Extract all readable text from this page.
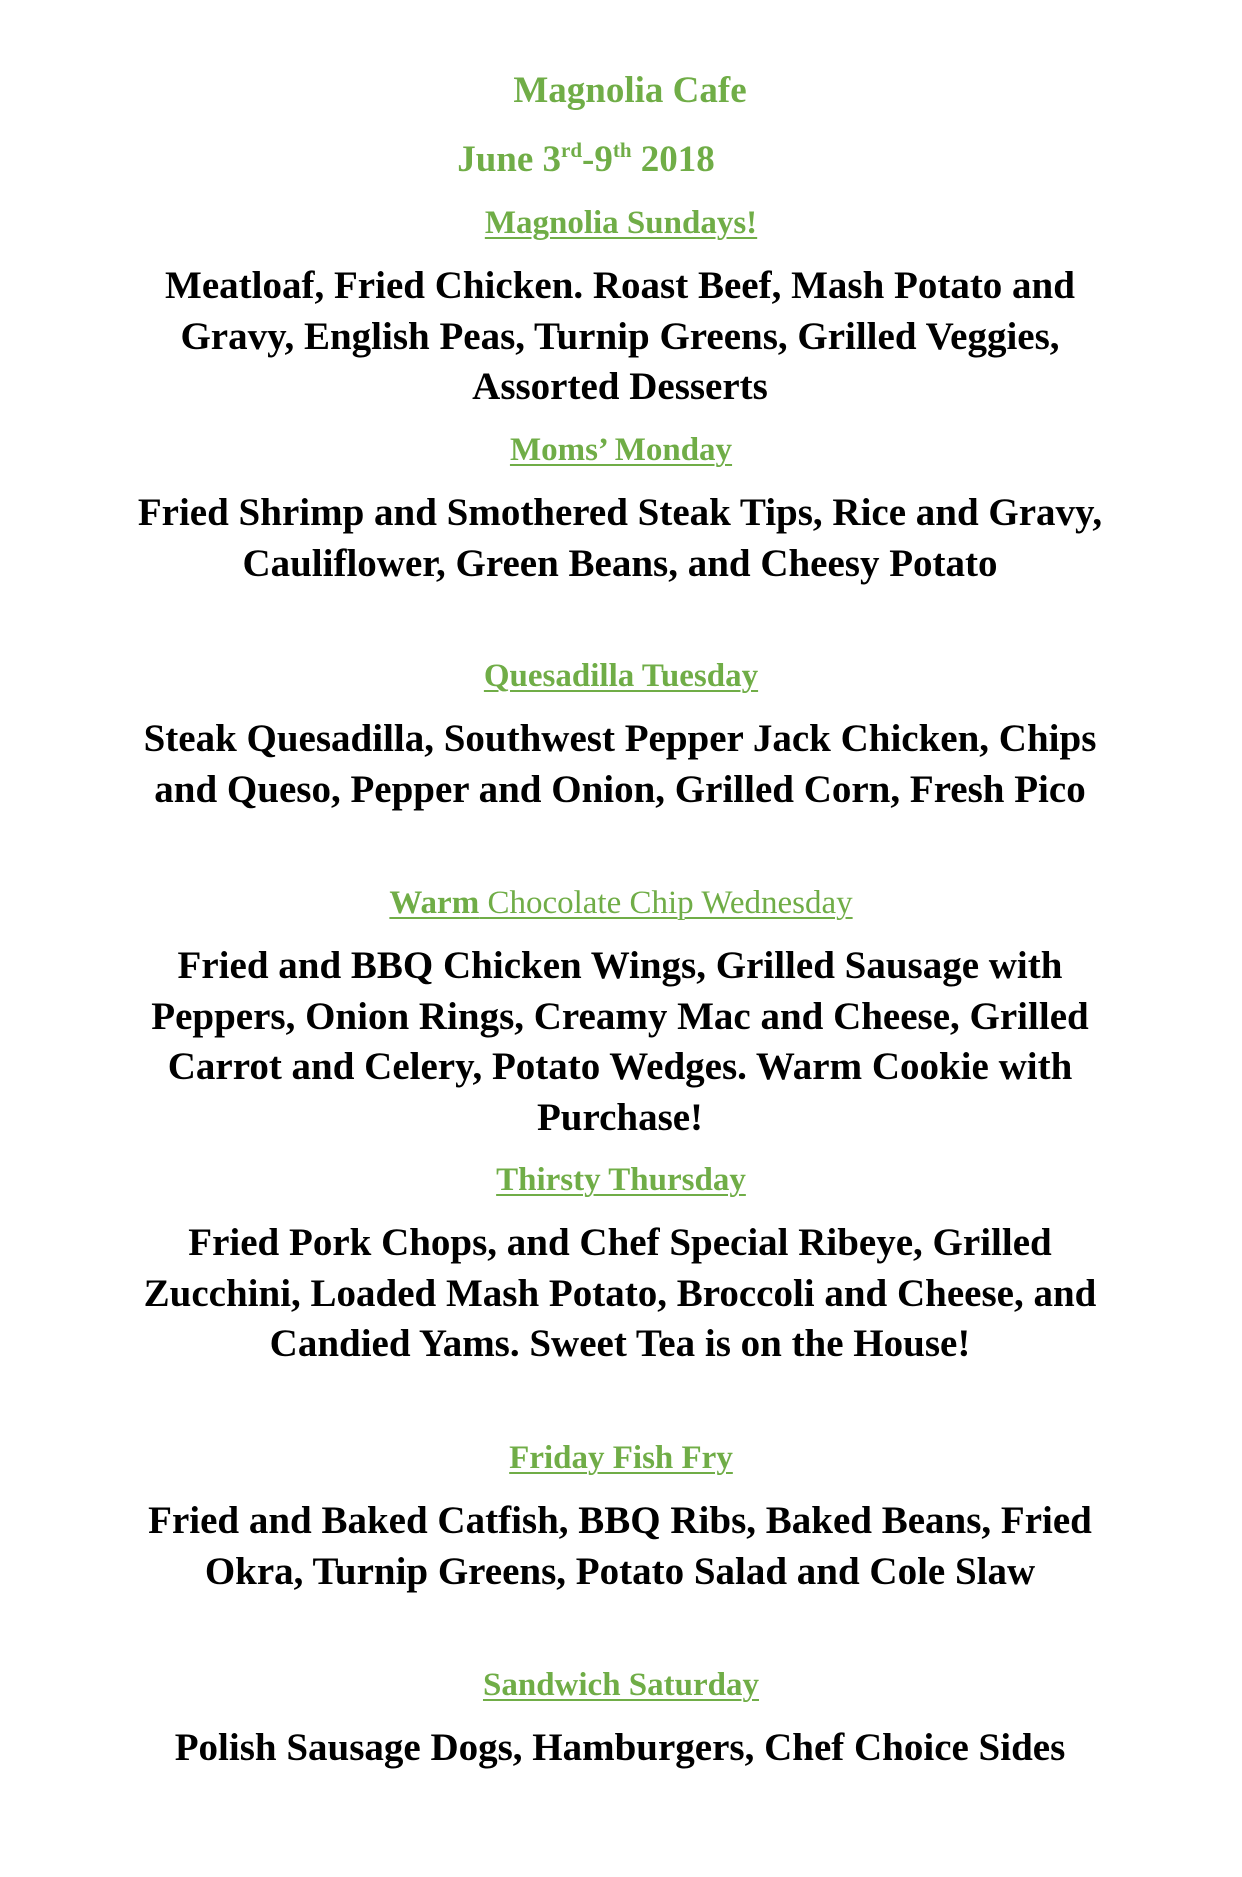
Magnolia Cafe
June 3rd-9th 2018
Magnolia Sundays!

Meatloaf, Fried Chicken. Roast Beef, Mash Potato and Gravy, English Peas, Turnip Greens, Grilled Veggies, Assorted Desserts

Moms’ Monday

Fried Shrimp and Smothered Steak Tips, Rice and Gravy, Cauliflower, Green Beans, and Cheesy Potato

Quesadilla Tuesday

Steak Quesadilla, Southwest Pepper Jack Chicken, Chips and Queso, Pepper and Onion, Grilled Corn, Fresh Pico

Warm Chocolate Chip Wednesday

Fried and BBQ Chicken Wings, Grilled Sausage with Peppers, Onion Rings, Creamy Mac and Cheese, Grilled Carrot and Celery, Potato Wedges. Warm Cookie with Purchase!

Thirsty Thursday

Fried Pork Chops, and Chef Special Ribeye, Grilled Zucchini, Loaded Mash Potato, Broccoli and Cheese, and Candied Yams. Sweet Tea is on the House!

Friday Fish Fry

Fried and Baked Catfish, BBQ Ribs, Baked Beans, Fried Okra, Turnip Greens, Potato Salad and Cole Slaw

Sandwich Saturday

Polish Sausage Dogs, Hamburgers, Chef Choice Sides
